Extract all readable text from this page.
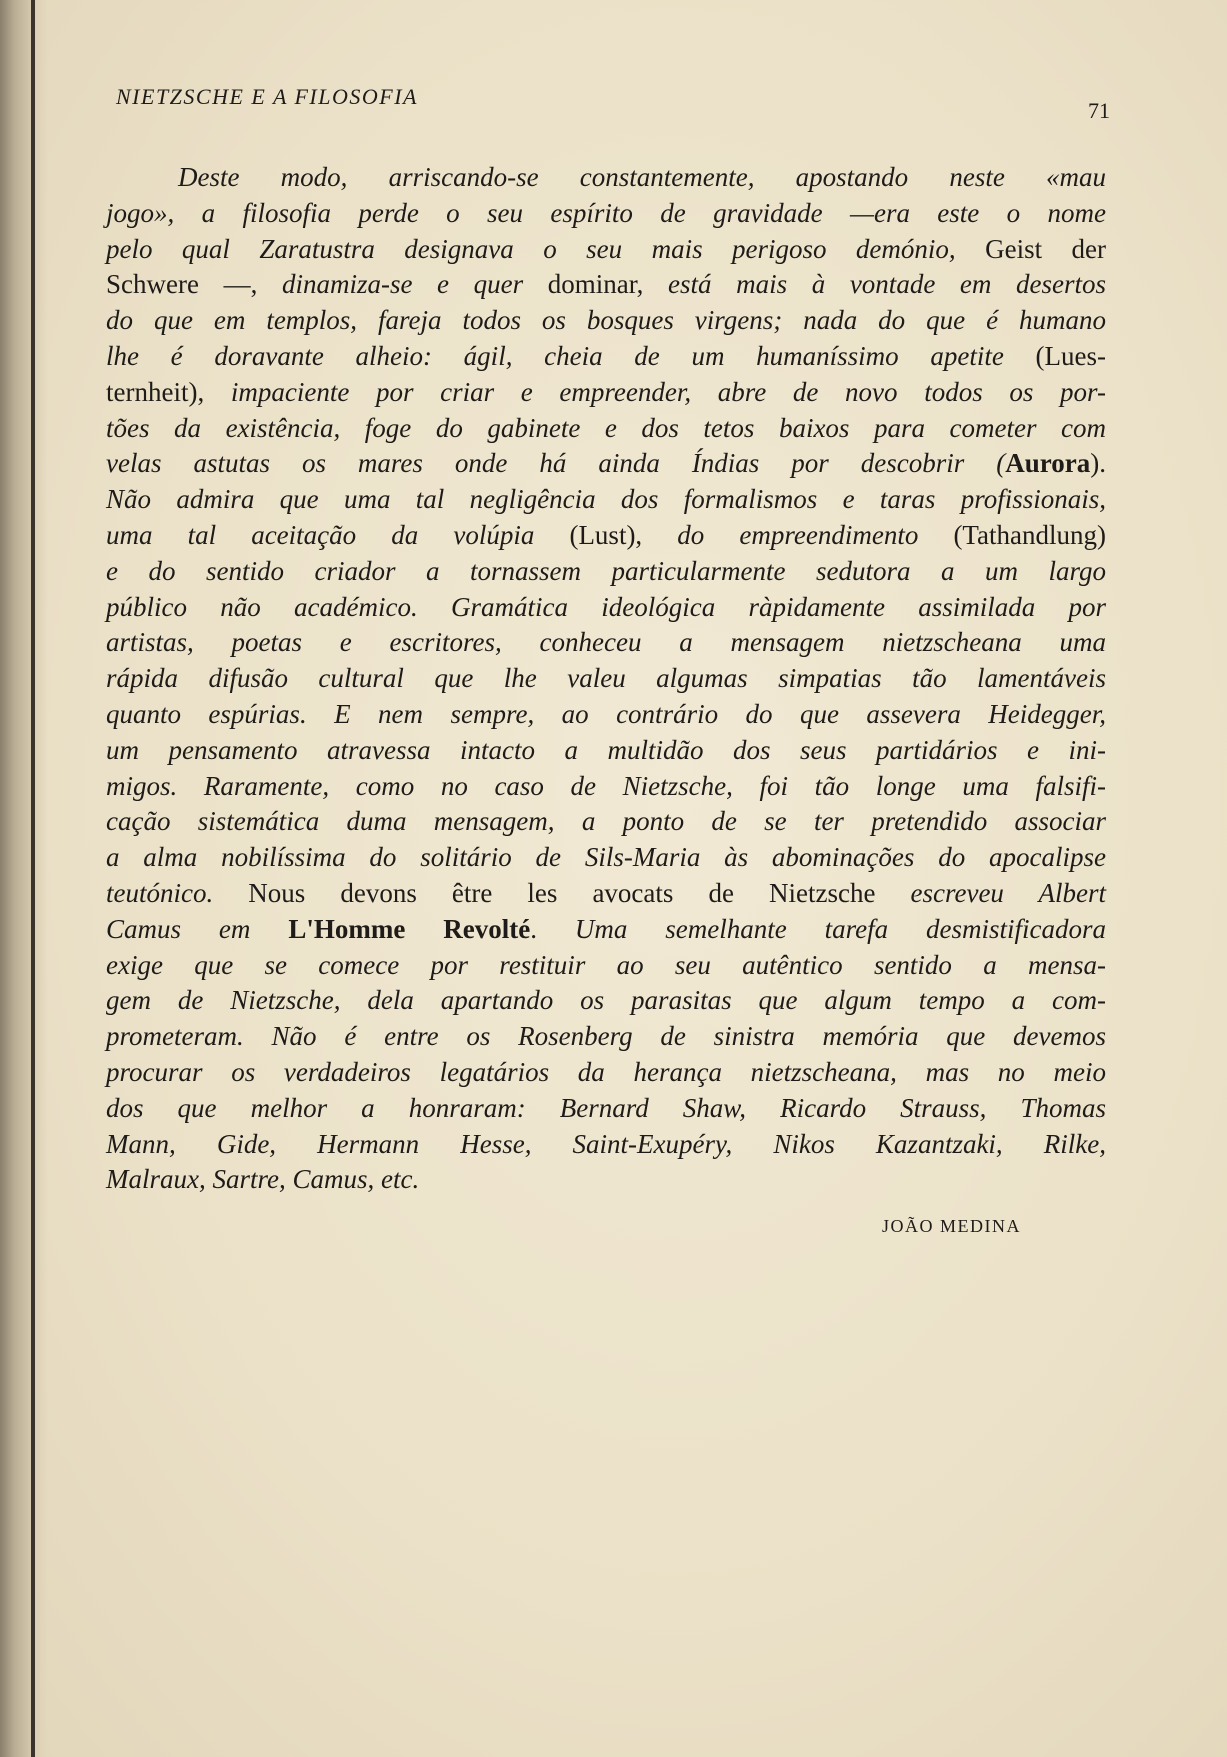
NIETZSCHE E A FILOSOFIA
71
Deste modo, arriscando-se constantemente, apostando neste «mau
jogo», a filosofia perde o seu espírito de gravidade —era este o nome
pelo qual Zaratustra designava o seu mais perigoso demónio, Geist der
Schwere —, dinamiza-se e quer dominar, está mais à vontade em desertos
do que em templos, fareja todos os bosques virgens; nada do que é humano
lhe é doravante alheio: ágil, cheia de um humaníssimo apetite (Lues-
ternheit), impaciente por criar e empreender, abre de novo todos os por-
tões da existência, foge do gabinete e dos tetos baixos para cometer com
velas astutas os mares onde há ainda Índias por descobrir (Aurora).
Não admira que uma tal negligência dos formalismos e taras profissionais,
uma tal aceitação da volúpia (Lust), do empreendimento (Tathandlung)
e do sentido criador a tornassem particularmente sedutora a um largo
público não académico. Gramática ideológica ràpidamente assimilada por
artistas, poetas e escritores, conheceu a mensagem nietzscheana uma
rápida difusão cultural que lhe valeu algumas simpatias tão lamentáveis
quanto espúrias. E nem sempre, ao contrário do que assevera Heidegger,
um pensamento atravessa intacto a multidão dos seus partidários e ini-
migos. Raramente, como no caso de Nietzsche, foi tão longe uma falsifi-
cação sistemática duma mensagem, a ponto de se ter pretendido associar
a alma nobilíssima do solitário de Sils-Maria às abominações do apocalipse
teutónico. Nous devons être les avocats de Nietzsche escreveu Albert
Camus em L'Homme Revolté. Uma semelhante tarefa desmistificadora
exige que se comece por restituir ao seu autêntico sentido a mensa-
gem de Nietzsche, dela apartando os parasitas que algum tempo a com-
prometeram. Não é entre os Rosenberg de sinistra memória que devemos
procurar os verdadeiros legatários da herança nietzscheana, mas no meio
dos que melhor a honraram: Bernard Shaw, Ricardo Strauss, Thomas
Mann, Gide, Hermann Hesse, Saint-Exupéry, Nikos Kazantzaki, Rilke,
Malraux, Sartre, Camus, etc.
JOÃO MEDINA
